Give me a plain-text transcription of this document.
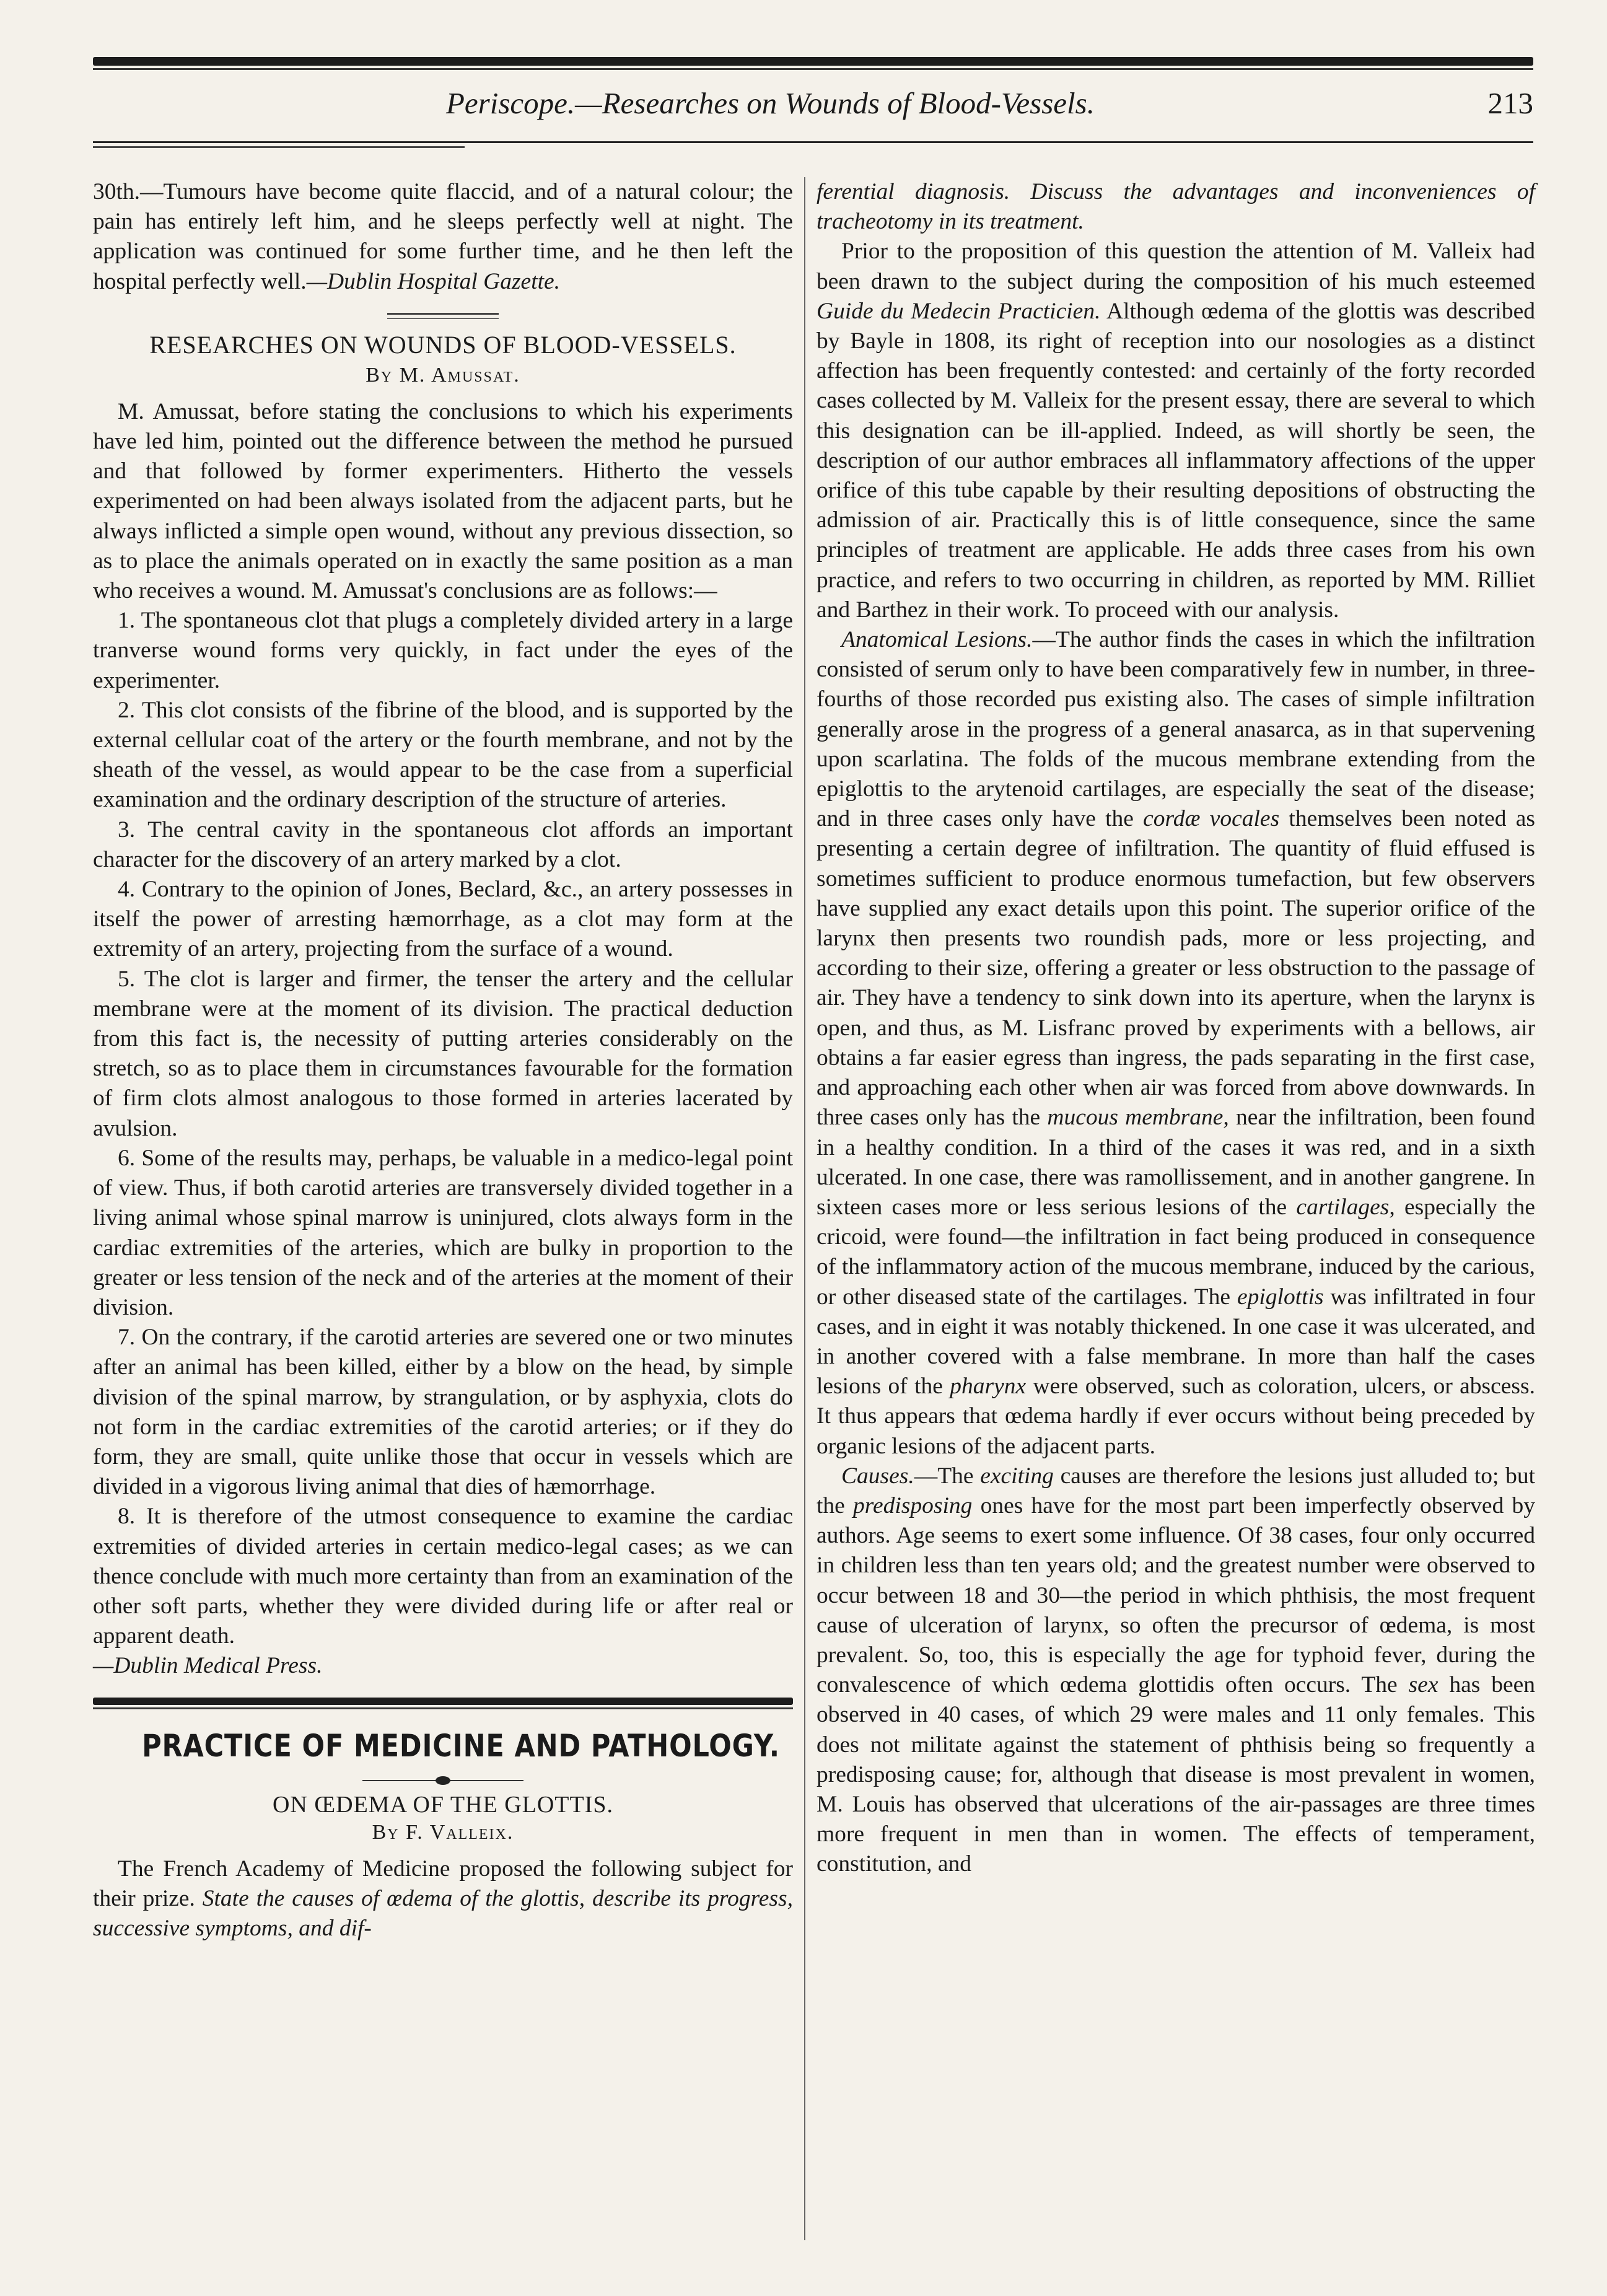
Periscope.—Researches on Wounds of Blood-Vessels.	213

30th.—Tumours have become quite flaccid, and of a natural colour; the pain has entirely left him, and he sleeps perfectly well at night. The application was continued for some further time, and he then left the hospital perfectly well.—Dublin Hospital Gazette.

RESEARCHES ON WOUNDS OF BLOOD-VESSELS.
By M. Amussat.

M. Amussat, before stating the conclusions to which his experiments have led him, pointed out the difference between the method he pursued and that followed by former experimenters. Hitherto the vessels experimented on had been always isolated from the adjacent parts, but he always inflicted a simple open wound, without any previous dissection, so as to place the animals operated on in exactly the same position as a man who receives a wound. M. Amussat's conclusions are as follows:—

1. The spontaneous clot that plugs a completely divided artery in a large tranverse wound forms very quickly, in fact under the eyes of the experimenter.

2. This clot consists of the fibrine of the blood, and is supported by the external cellular coat of the artery or the fourth membrane, and not by the sheath of the vessel, as would appear to be the case from a superficial examination and the ordinary description of the structure of arteries.

3. The central cavity in the spontaneous clot affords an important character for the discovery of an artery marked by a clot.

4. Contrary to the opinion of Jones, Beclard, &c., an artery possesses in itself the power of arresting hæmorrhage, as a clot may form at the extremity of an artery, projecting from the surface of a wound.

5. The clot is larger and firmer, the tenser the artery and the cellular membrane were at the moment of its division. The practical deduction from this fact is, the necessity of putting arteries considerably on the stretch, so as to place them in circumstances favourable for the formation of firm clots almost analogous to those formed in arteries lacerated by avulsion.

6. Some of the results may, perhaps, be valuable in a medico-legal point of view. Thus, if both carotid arteries are transversely divided together in a living animal whose spinal marrow is uninjured, clots always form in the cardiac extremities of the arteries, which are bulky in proportion to the greater or less tension of the neck and of the arteries at the moment of their division.

7. On the contrary, if the carotid arteries are severed one or two minutes after an animal has been killed, either by a blow on the head, by simple division of the spinal marrow, by strangulation, or by asphyxia, clots do not form in the cardiac extremities of the carotid arteries; or if they do form, they are small, quite unlike those that occur in vessels which are divided in a vigorous living animal that dies of hæmorrhage.

8. It is therefore of the utmost consequence to examine the cardiac extremities of divided arteries in certain medico-legal cases; as we can thence conclude with much more certainty than from an examination of the other soft parts, whether they were divided during life or after real or apparent death.

—Dublin Medical Press.

PRACTICE OF MEDICINE AND PATHOLOGY.
ON ŒDEMA OF THE GLOTTIS.
By F. Valleix.

The French Academy of Medicine proposed the following subject for their prize. State the causes of œdema of the glottis, describe its progress, successive symptoms, and dif-

ferential diagnosis. Discuss the advantages and inconveniences of tracheotomy in its treatment.

Prior to the proposition of this question the attention of M. Valleix had been drawn to the subject during the composition of his much esteemed Guide du Medecin Practicien. Although œdema of the glottis was described by Bayle in 1808, its right of reception into our nosologies as a distinct affection has been frequently contested: and certainly of the forty recorded cases collected by M. Valleix for the present essay, there are several to which this designation can be ill-applied. Indeed, as will shortly be seen, the description of our author embraces all inflammatory affections of the upper orifice of this tube capable by their resulting depositions of obstructing the admission of air. Practically this is of little consequence, since the same principles of treatment are applicable. He adds three cases from his own practice, and refers to two occurring in children, as reported by MM. Rilliet and Barthez in their work. To proceed with our analysis.

Anatomical Lesions.—The author finds the cases in which the infiltration consisted of serum only to have been comparatively few in number, in three-fourths of those recorded pus existing also. The cases of simple infiltration generally arose in the progress of a general anasarca, as in that supervening upon scarlatina. The folds of the mucous membrane extending from the epiglottis to the arytenoid cartilages, are especially the seat of the disease; and in three cases only have the cordæ vocales themselves been noted as presenting a certain degree of infiltration. The quantity of fluid effused is sometimes sufficient to produce enormous tumefaction, but few observers have supplied any exact details upon this point. The superior orifice of the larynx then presents two roundish pads, more or less projecting, and according to their size, offering a greater or less obstruction to the passage of air. They have a tendency to sink down into its aperture, when the larynx is open, and thus, as M. Lisfranc proved by experiments with a bellows, air obtains a far easier egress than ingress, the pads separating in the first case, and approaching each other when air was forced from above downwards. In three cases only has the mucous membrane, near the infiltration, been found in a healthy condition. In a third of the cases it was red, and in a sixth ulcerated. In one case, there was ramollissement, and in another gangrene. In sixteen cases more or less serious lesions of the cartilages, especially the cricoid, were found—the infiltration in fact being produced in consequence of the inflammatory action of the mucous membrane, induced by the carious, or other diseased state of the cartilages. The epiglottis was infiltrated in four cases, and in eight it was notably thickened. In one case it was ulcerated, and in another covered with a false membrane. In more than half the cases lesions of the pharynx were observed, such as coloration, ulcers, or abscess. It thus appears that œdema hardly if ever occurs without being preceded by organic lesions of the adjacent parts.

Causes.—The exciting causes are therefore the lesions just alluded to; but the predisposing ones have for the most part been imperfectly observed by authors. Age seems to exert some influence. Of 38 cases, four only occurred in children less than ten years old; and the greatest number were observed to occur between 18 and 30—the period in which phthisis, the most frequent cause of ulceration of larynx, so often the precursor of œdema, is most prevalent. So, too, this is especially the age for typhoid fever, during the convalescence of which œdema glottidis often occurs. The sex has been observed in 40 cases, of which 29 were males and 11 only females. This does not militate against the statement of phthisis being so frequently a predisposing cause; for, although that disease is most prevalent in women, M. Louis has observed that ulcerations of the air-passages are three times more frequent in men than in women. The effects of temperament, constitution, and
